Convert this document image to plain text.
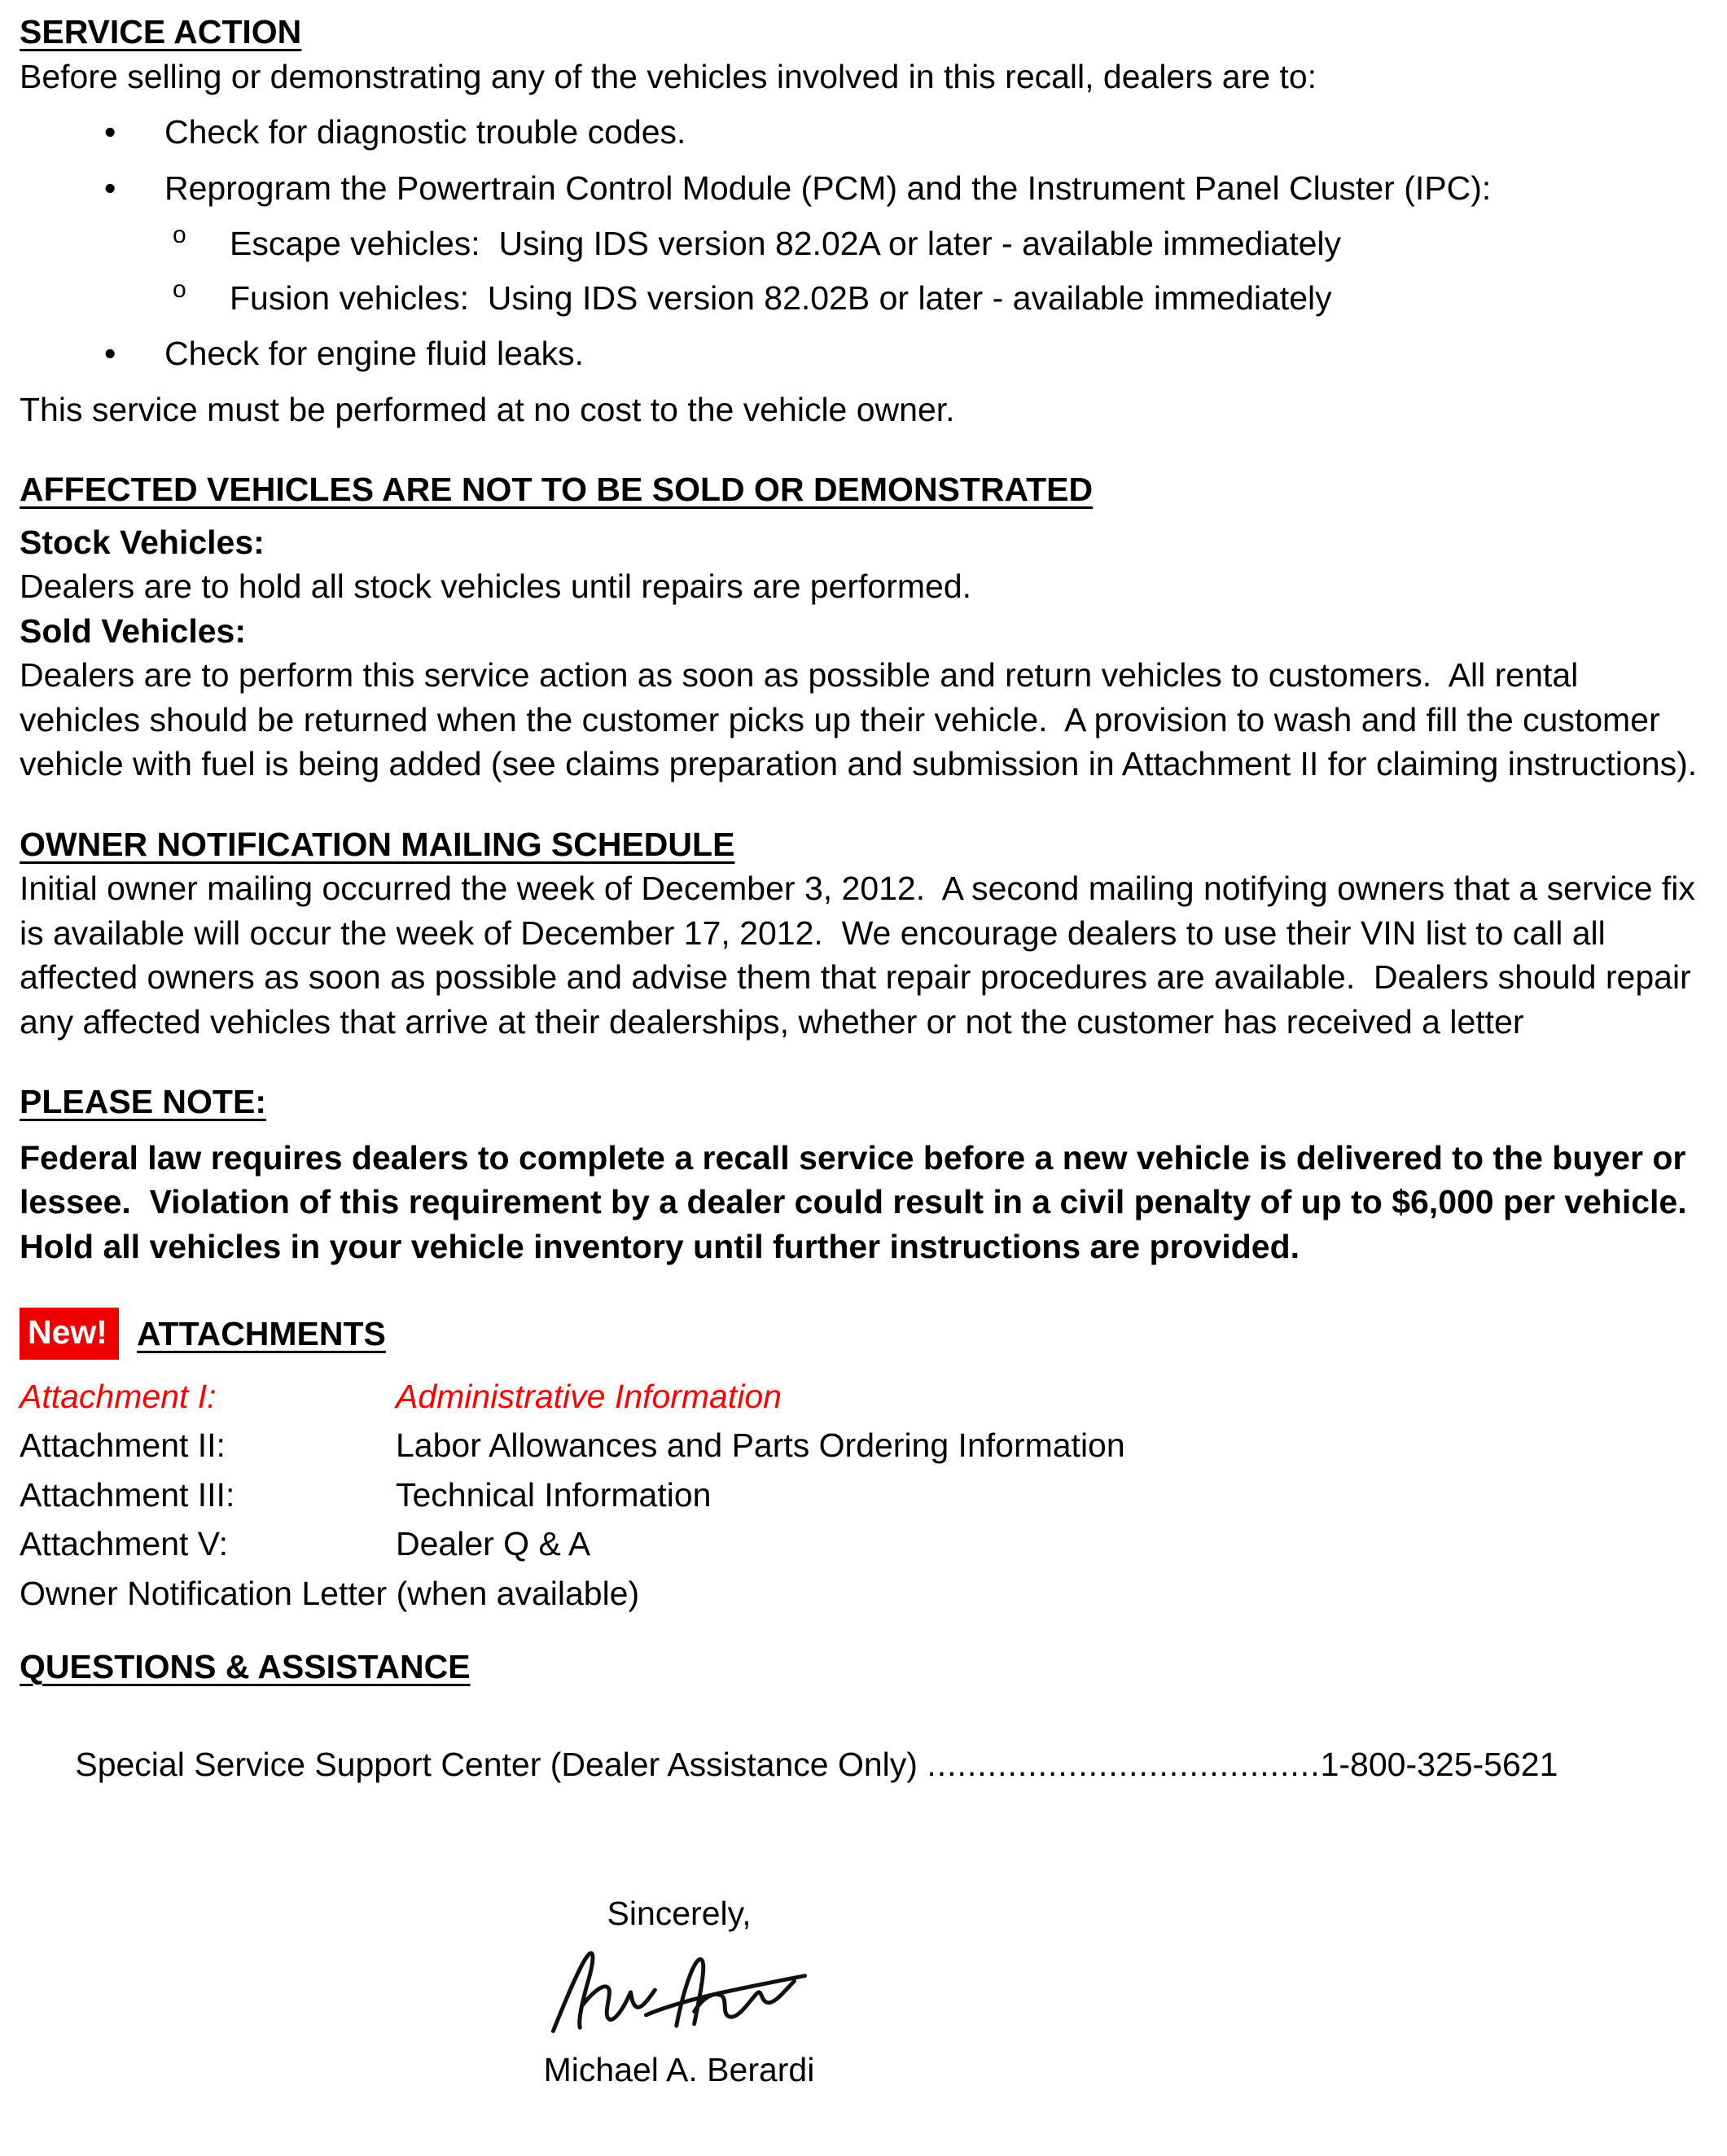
SERVICE ACTION
Before selling or demonstrating any of the vehicles involved in this recall, dealers are to:
• Check for diagnostic trouble codes.
• Reprogram the Powertrain Control Module (PCM) and the Instrument Panel Cluster (IPC):
o Escape vehicles:  Using IDS version 82.02A or later - available immediately
o Fusion vehicles:  Using IDS version 82.02B or later - available immediately
• Check for engine fluid leaks.
This service must be performed at no cost to the vehicle owner.
AFFECTED VEHICLES ARE NOT TO BE SOLD OR DEMONSTRATED
Stock Vehicles:
Dealers are to hold all stock vehicles until repairs are performed.
Sold Vehicles:
Dealers are to perform this service action as soon as possible and return vehicles to customers.  All rental vehicles should be returned when the customer picks up their vehicle.  A provision to wash and fill the customer vehicle with fuel is being added (see claims preparation and submission in Attachment II for claiming instructions).
OWNER NOTIFICATION MAILING SCHEDULE
Initial owner mailing occurred the week of December 3, 2012.  A second mailing notifying owners that a service fix is available will occur the week of December 17, 2012.  We encourage dealers to use their VIN list to call all affected owners as soon as possible and advise them that repair procedures are available.  Dealers should repair any affected vehicles that arrive at their dealerships, whether or not the customer has received a letter
PLEASE NOTE:
Federal law requires dealers to complete a recall service before a new vehicle is delivered to the buyer or lessee.  Violation of this requirement by a dealer could result in a civil penalty of up to $6,000 per vehicle.  Hold all vehicles in your vehicle inventory until further instructions are provided.
New! ATTACHMENTS
Attachment I:	Administrative Information
Attachment II:	Labor Allowances and Parts Ordering Information
Attachment III:	Technical Information
Attachment V:	Dealer Q & A
Owner Notification Letter (when available)
QUESTIONS & ASSISTANCE

Special Service Support Center (Dealer Assistance Only) .......................................1-800-325-5621

Sincerely,
Michael A. Berardi
